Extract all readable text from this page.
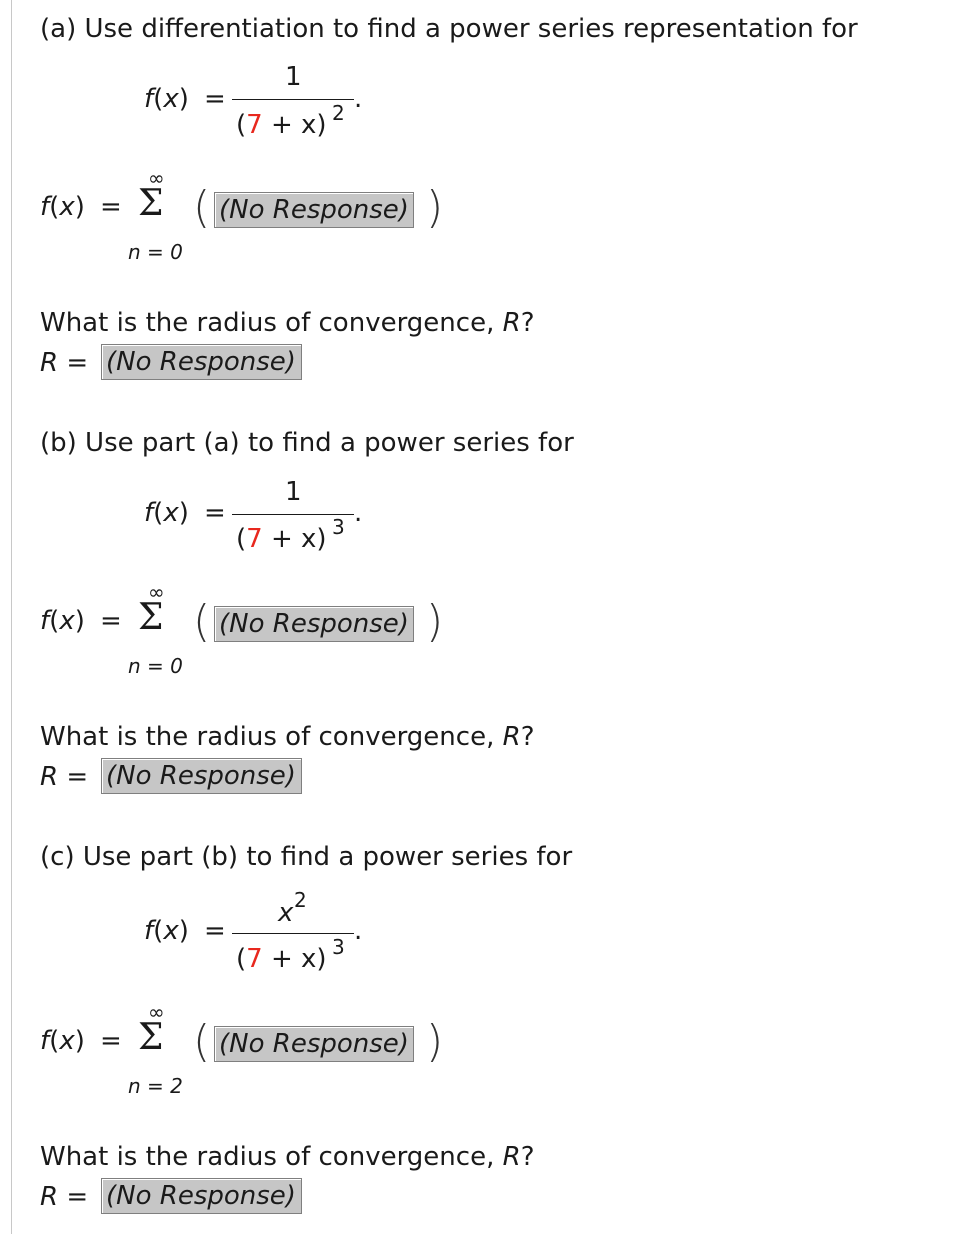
(a) Use differentiation to find a power series representation for
f(x) =
1
(7 + x) 2 .
f(x) =
∞
Σ
n = 0
( (No Response) )
What is the radius of convergence, R?
R = (No Response)
(b) Use part (a) to find a power series for
f(x) =
1
(7 + x) 3 .
f(x) =
∞
Σ
n = 0
( (No Response) )
What is the radius of convergence, R?
R = (No Response)
(c) Use part (b) to find a power series for
f(x) =
x 2
(7 + x) 3
.
f(x) =
∞
Σ
n = 2
( (No Response) )
What is the radius of convergence, R?
R = (No Response)
